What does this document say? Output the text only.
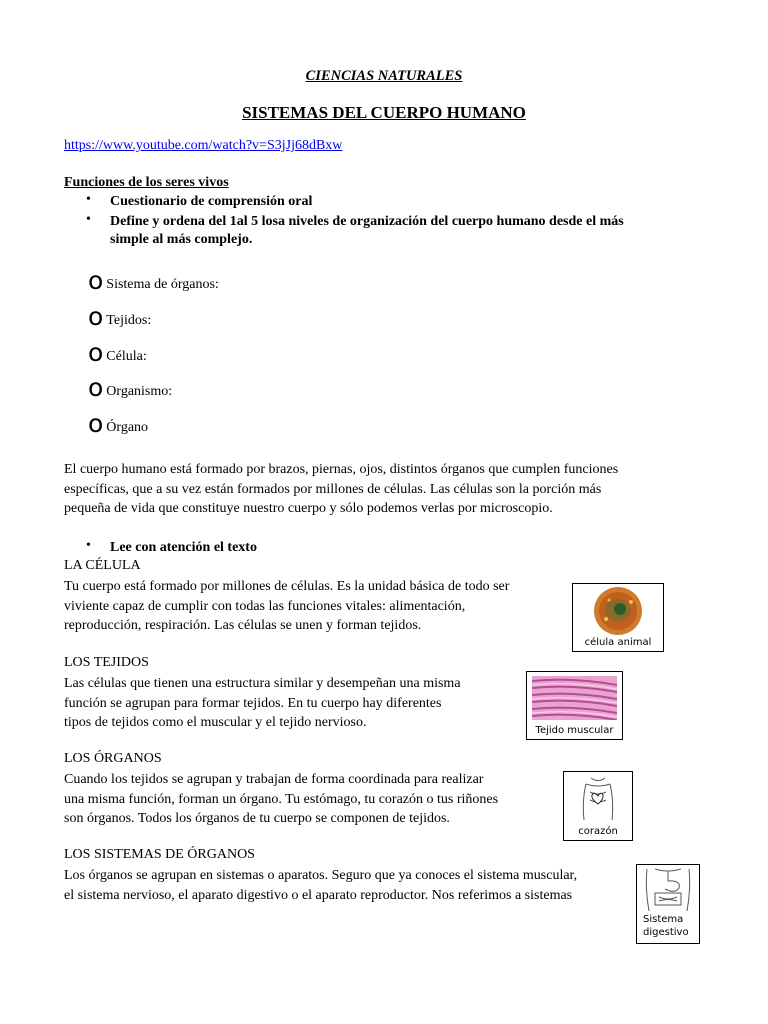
CIENCIAS NATURALES
SISTEMAS DEL CUERPO HUMANO
https://www.youtube.com/watch?v=S3jJj68dBxw
Funciones de los seres vivos
• Cuestionario de comprensión oral
• Define y ordena del 1al 5 losa niveles de organización del cuerpo humano desde el más
simple al más complejo.
o Sistema de órganos:
o Tejidos:
o Célula:
o Organismo:
o Órgano
El cuerpo humano está formado por brazos, piernas, ojos, distintos órganos que cumplen funciones
específicas, que a su vez están formados por millones de células. Las células son la porción más
pequeña de vida que constituye nuestro cuerpo y sólo podemos verlas por microscopio.
• Lee con atención el texto
LA CÉLULA
Tu cuerpo está formado por millones de células. Es la unidad básica de todo ser
viviente capaz de cumplir con todas las funciones vitales: alimentación,
reproducción, respiración. Las células se unen y forman tejidos.
célula animal
LOS TEJIDOS
Las células que tienen una estructura similar y desempeñan una misma
función se agrupan para formar tejidos. En tu cuerpo hay diferentes
tipos de tejidos como el muscular y el tejido nervioso.
Tejido muscular
LOS ÓRGANOS
Cuando los tejidos se agrupan y trabajan de forma coordinada para realizar
una misma función, forman un órgano. Tu estómago, tu corazón o tus riñones
son órganos. Todos los órganos de tu cuerpo se componen de tejidos.
corazón
LOS SISTEMAS DE ÓRGANOS
Los órganos se agrupan en sistemas o aparatos. Seguro que ya conoces el sistema muscular,
el sistema nervioso, el aparato digestivo o el aparato reproductor. Nos referimos a sistemas
Sistema
digestivo
